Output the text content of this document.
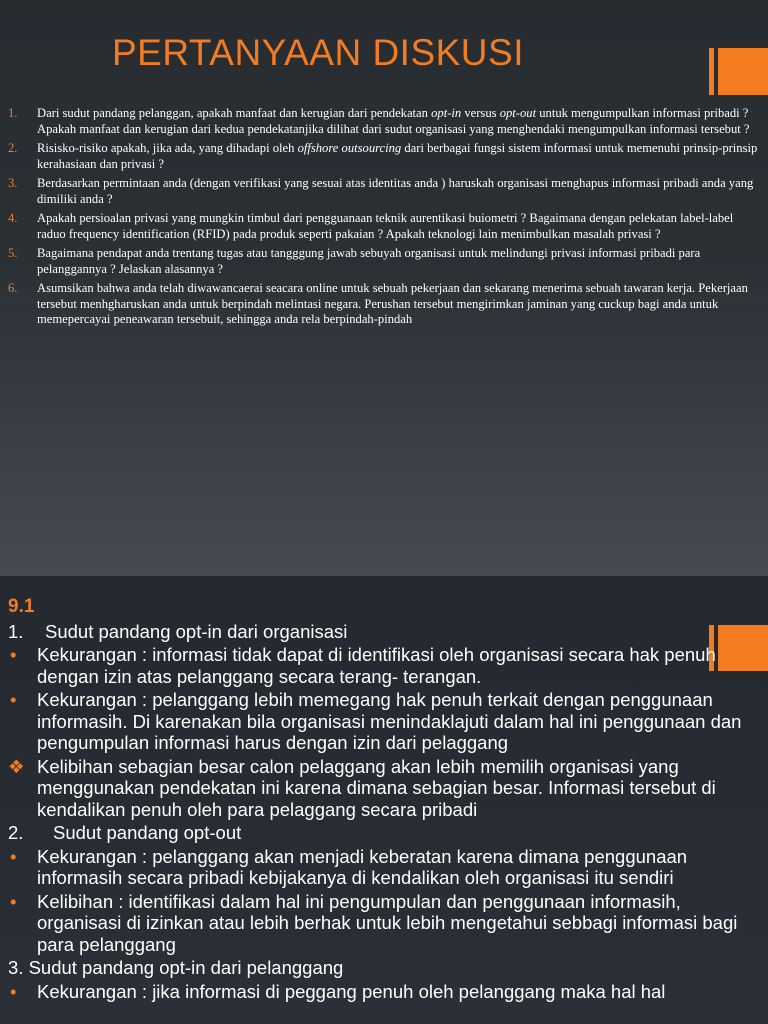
PERTANYAAN DISKUSI
1. Dari sudut pandang pelanggan, apakah manfaat dan kerugian dari pendekatan opt-in versus opt-out untuk mengumpulkan informasi pribadi ? Apakah manfaat dan kerugian dari kedua pendekatanjika dilihat dari sudut organisasi yang menghendaki mengumpulkan informasi tersebut ?
2. Risisko-risiko apakah, jika ada, yang dihadapi oleh offshore outsourcing dari berbagai fungsi sistem informasi untuk memenuhi prinsip-prinsip kerahasiaan dan privasi ?
3. Berdasarkan permintaan anda (dengan verifikasi yang sesuai atas identitas anda ) haruskah organisasi menghapus informasi pribadi anda yang dimiliki anda ?
4. Apakah persioalan privasi yang mungkin timbul dari pengguanaan teknik aurentikasi buiometri ? Bagaimana dengan pelekatan label-label raduo frequency identification (RFID) pada produk seperti pakaian ? Apakah teknologi lain menimbulkan masalah privasi ?
5. Bagaimana pendapat anda trentang tugas atau tangggung jawab sebuyah organisasi untuk melindungi privasi informasi pribadi para pelanggannya ? Jelaskan alasannya ?
6. Asumsikan bahwa anda telah diwawancaerai seacara online untuk sebuah pekerjaan dan sekarang menerima sebuah tawaran kerja. Pekerjaan tersebut menhgharuskan anda untuk berpindah melintasi negara. Perushan tersebut mengirimkan jaminan yang cuckup bagi anda untuk memepercayai peneawaran tersebuit, sehingga anda rela berpindah-pindah
9.1
1. Sudut pandang opt-in dari organisasi
• Kekurangan : informasi tidak dapat di identifikasi oleh organisasi secara hak penuh dengan izin atas pelanggang secara terang- terangan.
• Kekurangan : pelanggang lebih memegang hak penuh terkait dengan penggunaan informasih. Di karenakan bila organisasi menindaklajuti dalam hal ini penggunaan dan pengumpulan informasi harus dengan izin dari pelaggang
❖ Kelibihan sebagian besar calon pelaggang akan lebih memilih organisasi yang menggunakan pendekatan ini karena dimana sebagian besar. Informasi tersebut di kendalikan penuh oleh para pelaggang secara pribadi
2. Sudut pandang opt-out
• Kekurangan : pelanggang akan menjadi keberatan karena dimana penggunaan informasih secara pribadi kebijakanya di kendalikan oleh organisasi itu sendiri
• Kelibihan : identifikasi dalam hal ini pengumpulan dan penggunaan informasih, organisasi di izinkan atau lebih berhak untuk lebih mengetahui sebbagi informasi bagi para pelanggang
3. Sudut pandang opt-in dari pelanggang
• Kekurangan : jika informasi di peggang penuh oleh pelanggang maka hal hal
